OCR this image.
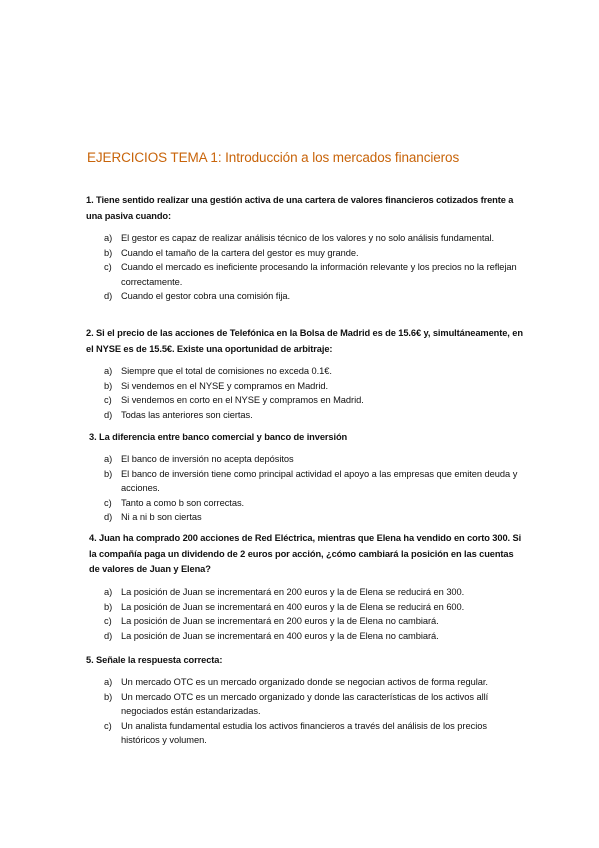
EJERCICIOS TEMA 1: Introducción a los mercados financieros
1. Tiene sentido realizar una gestión activa de una cartera de valores financieros cotizados frente a una pasiva cuando:
a) El gestor es capaz de realizar análisis técnico de los valores y no solo análisis fundamental.
b) Cuando el tamaño de la cartera del gestor es muy grande.
c) Cuando el mercado es ineficiente procesando la información relevante y los precios no la reflejan correctamente.
d) Cuando el gestor cobra una comisión fija.
2. Si el precio de las acciones de Telefónica en la Bolsa de Madrid es de 15.6€ y, simultáneamente, en el NYSE es de 15.5€. Existe una oportunidad de arbitraje:
a) Siempre que el total de comisiones no exceda 0.1€.
b) Si vendemos en el NYSE y compramos en Madrid.
c) Si vendemos en corto en el NYSE y compramos en Madrid.
d) Todas las anteriores son ciertas.
3. La diferencia entre banco comercial y banco de inversión
a) El banco de inversión no acepta depósitos
b) El banco de inversión tiene como principal actividad el apoyo a las empresas que emiten deuda y acciones.
c) Tanto a como b son correctas.
d) Ni a ni b son ciertas
4. Juan ha comprado 200 acciones de Red Eléctrica, mientras que Elena ha vendido en corto 300. Si la compañía paga un dividendo de 2 euros por acción, ¿cómo cambiará la posición en las cuentas de valores de Juan y Elena?
a) La posición de Juan se incrementará en 200 euros y la de Elena se reducirá en 300.
b) La posición de Juan se incrementará en 400 euros y la de Elena se reducirá en 600.
c) La posición de Juan se incrementará en 200 euros y la de Elena no cambiará.
d) La posición de Juan se incrementará en 400 euros y la de Elena no cambiará.
5. Señale la respuesta correcta:
a) Un mercado OTC es un mercado organizado donde se negocian activos de forma regular.
b) Un mercado OTC es un mercado organizado y donde las características de los activos allí negociados están estandarizadas.
c) Un analista fundamental estudia los activos financieros a través del análisis de los precios históricos y volumen.
